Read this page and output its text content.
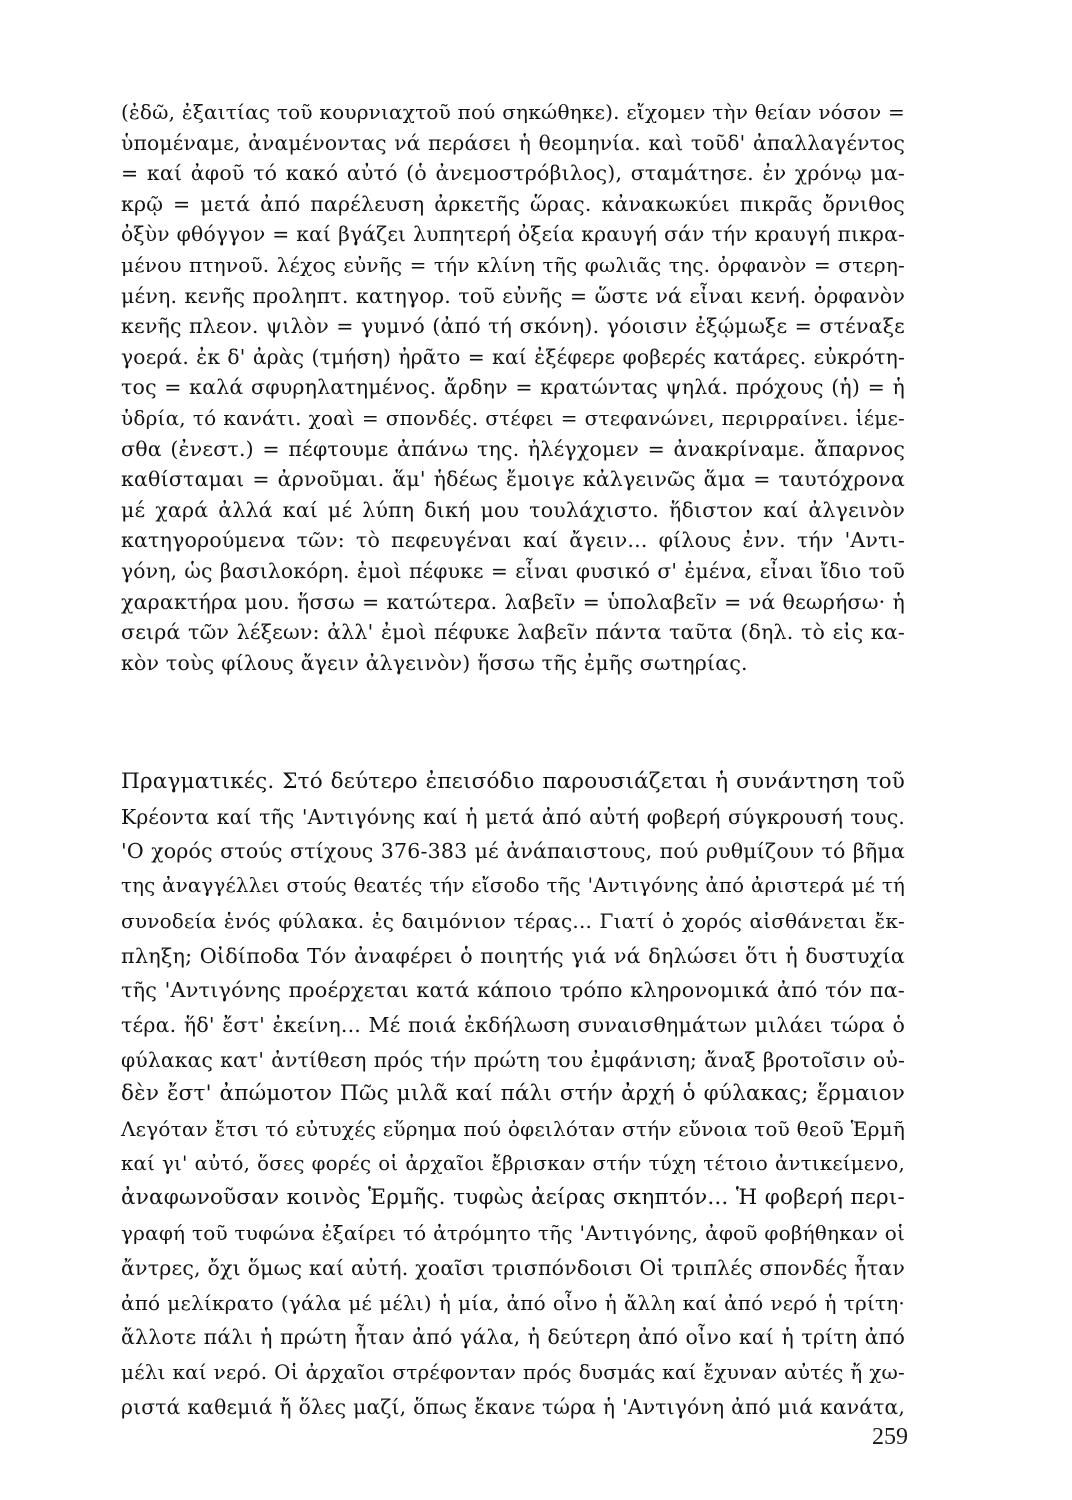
(ἐδῶ, ἐξαιτίας τοῦ κουρνιαχτοῦ πού σηκώθηκε). εἴχομεν τὴν θείαν νόσον =
ὑπομέναμε, ἀναμένοντας νά περάσει ἡ θεομηνία. καὶ τοῦδ' ἀπαλλαγέντος
= καί ἀφοῦ τό κακό αὐτό (ὁ ἀνεμοστρόβιλος), σταμάτησε. ἐν χρόνῳ μα-
κρῷ = μετά ἀπό παρέλευση ἀρκετῆς ὥρας. κἀνακωκύει πικρᾶς ὄρνιθος
ὀξὺν φθόγγον = καί βγάζει λυπητερή ὀξεία κραυγή σάν τήν κραυγή πικρα-
μένου πτηνοῦ. λέχος εὐνῆς = τήν κλίνη τῆς φωλιᾶς της. ὀρφανὸν = στερη-
μένη. κενῆς προληπτ. κατηγορ. τοῦ εὐνῆς = ὥστε νά εἶναι κενή. ὀρφανὸν
κενῆς πλεον. ψιλὸν = γυμνό (ἀπό τή σκόνη). γόοισιν ἐξῴμωξε = στέναξε
γοερά. ἐκ δ' ἀρὰς (τμήση) ἠρᾶτο = καί ἐξέφερε φοβερές κατάρες. εὐκρότη-
τος = καλά σφυρηλατημένος. ἄρδην = κρατώντας ψηλά. πρόχους (ἡ) = ἡ
ὑδρία, τό κανάτι. χοαὶ = σπονδές. στέφει = στεφανώνει, περιρραίνει. ἱέμε-
σθα (ἐνεστ.) = πέφτουμε ἀπάνω της. ἠλέγχομεν = ἀνακρίναμε. ἄπαρνος
καθίσταμαι = ἀρνοῦμαι. ἅμ' ἡδέως ἔμοιγε κἀλγεινῶς ἅμα = ταυτόχρονα
μέ χαρά ἀλλά καί μέ λύπη δική μου τουλάχιστο. ἥδιστον καί ἀλγεινὸν
κατηγορούμενα τῶν: τὸ πεφευγέναι καί ἄγειν... φίλους ἐνν. τήν 'Αντι-
γόνη, ὡς βασιλοκόρη. ἐμοὶ πέφυκε = εἶναι φυσικό σ' ἐμένα, εἶναι ἴδιο τοῦ
χαρακτήρα μου. ἥσσω = κατώτερα. λαβεῖν = ὑπολαβεῖν = νά θεωρήσω· ἡ
σειρά τῶν λέξεων: ἀλλ' ἐμοὶ πέφυκε λαβεῖν πάντα ταῦτα (δηλ. τὸ εἰς κα-
κὸν τοὺς φίλους ἄγειν ἀλγεινὸν) ἥσσω τῆς ἐμῆς σωτηρίας.
Πραγματικές. Στό δεύτερο ἐπεισόδιο παρουσιάζεται ἡ συνάντηση τοῦ
Κρέοντα καί τῆς 'Αντιγόνης καί ἡ μετά ἀπό αὐτή φοβερή σύγκρουσή τους.
'Ο χορός στούς στίχους 376-383 μέ ἀνάπαιστους, πού ρυθμίζουν τό βῆμα
της ἀναγγέλλει στούς θεατές τήν εἴσοδο τῆς 'Αντιγόνης ἀπό ἀριστερά μέ τή
συνοδεία ἑνός φύλακα. ἐς δαιμόνιον τέρας... Γιατί ὁ χορός αἰσθάνεται ἔκ-
πληξη; Οἰδίποδα Τόν ἀναφέρει ὁ ποιητής γιά νά δηλώσει ὅτι ἡ δυστυχία
τῆς 'Αντιγόνης προέρχεται κατά κάποιο τρόπο κληρονομικά ἀπό τόν πα-
τέρα. ἥδ' ἔστ' ἐκείνη... Μέ ποιά ἐκδήλωση συναισθημάτων μιλάει τώρα ὁ
φύλακας κατ' ἀντίθεση πρός τήν πρώτη του ἐμφάνιση; ἄναξ βροτοῖσιν οὐ-
δὲν ἔστ' ἀπώμοτον Πῶς μιλᾶ καί πάλι στήν ἀρχή ὁ φύλακας; ἕρμαιον
Λεγόταν ἔτσι τό εὐτυχές εὕρημα πού ὀφειλόταν στήν εὔνοια τοῦ θεοῦ Ἑρμῆ
καί γι' αὐτό, ὅσες φορές οἱ ἀρχαῖοι ἔβρισκαν στήν τύχη τέτοιο ἀντικείμενο,
ἀναφωνοῦσαν κοινὸς Ἑρμῆς. τυφὼς ἀείρας σκηπτόν... Ἡ φοβερή περι-
γραφή τοῦ τυφώνα ἐξαίρει τό ἀτρόμητο τῆς 'Αντιγόνης, ἀφοῦ φοβήθηκαν οἱ
ἄντρες, ὄχι ὅμως καί αὐτή. χοαῖσι τρισπόνδοισι Οἱ τριπλές σπονδές ἦταν
ἀπό μελίκρατο (γάλα μέ μέλι) ἡ μία, ἀπό οἶνο ἡ ἄλλη καί ἀπό νερό ἡ τρίτη·
ἄλλοτε πάλι ἡ πρώτη ἦταν ἀπό γάλα, ἡ δεύτερη ἀπό οἶνο καί ἡ τρίτη ἀπό
μέλι καί νερό. Οἱ ἀρχαῖοι στρέφονταν πρός δυσμάς καί ἔχυναν αὐτές ἤ χω-
ριστά καθεμιά ἤ ὅλες μαζί, ὅπως ἔκανε τώρα ἡ 'Αντιγόνη ἀπό μιά κανάτα,
259
